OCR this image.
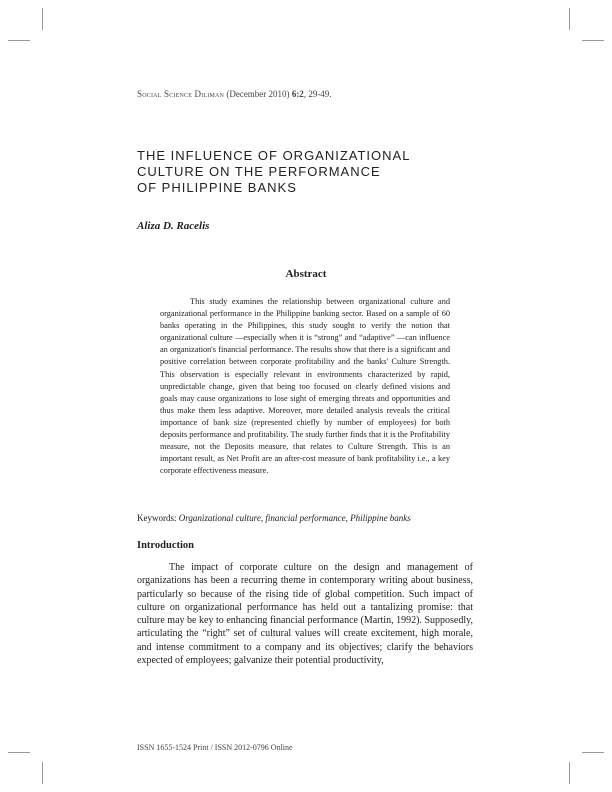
Social Science Diliman (December 2010) 6:2, 29-49.
THE INFLUENCE OF ORGANIZATIONAL
CULTURE ON THE PERFORMANCE
OF PHILIPPINE BANKS
Aliza D. Racelis
Abstract
This study examines the relationship between organizational culture and organizational performance in the Philippine banking sector. Based on a sample of 60 banks operating in the Philippines, this study sought to verify the notion that organizational culture —especially when it is “strong” and “adaptive” —can influence an organization's financial performance. The results show that there is a significant and positive correlation between corporate profitability and the banks' Culture Strength. This observation is especially relevant in environments characterized by rapid, unpredictable change, given that being too focused on clearly defined visions and goals may cause organizations to lose sight of emerging threats and opportunities and thus make them less adaptive. Moreover, more detailed analysis reveals the critical importance of bank size (represented chiefly by number of employees) for both deposits performance and profitability. The study further finds that it is the Profitability measure, not the Deposits measure, that relates to Culture Strength. This is an important result, as Net Profit are an after-cost measure of bank profitability i.e., a key corporate effectiveness measure.
Keywords: Organizational culture, financial performance, Philippine banks
Introduction
The impact of corporate culture on the design and management of organizations has been a recurring theme in contemporary writing about business, particularly so because of the rising tide of global competition. Such impact of culture on organizational performance has held out a tantalizing promise: that culture may be key to enhancing financial performance (Martin, 1992). Supposedly, articulating the “right” set of cultural values will create excitement, high morale, and intense commitment to a company and its objectives; clarify the behaviors expected of employees; galvanize their potential productivity,
ISSN 1655-1524 Print / ISSN 2012-0796 Online
